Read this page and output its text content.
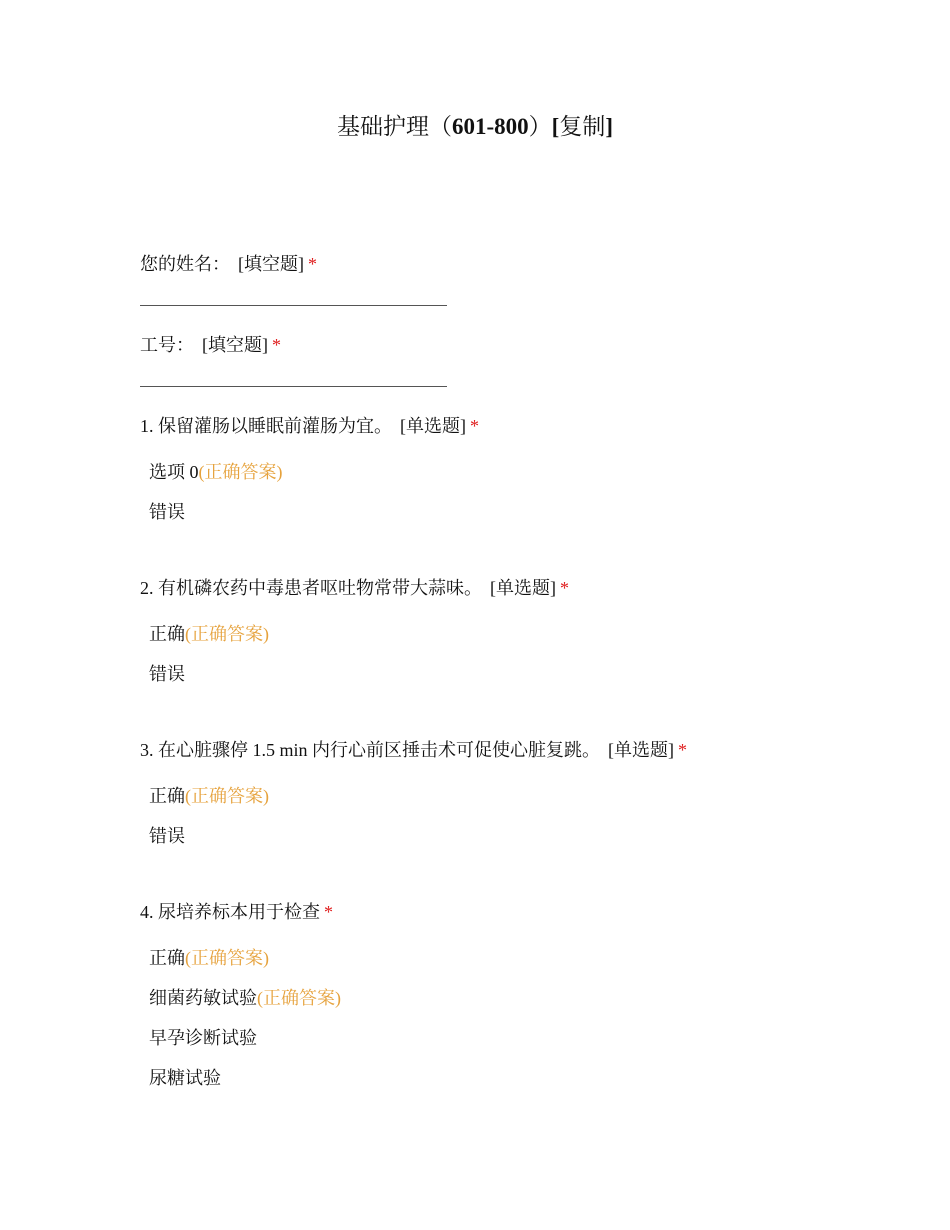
基础护理（601-800）[复制]
您的姓名： [填空题] *
工号： [填空题] *
1. 保留灌肠以睡眠前灌肠为宜。 [单选题] *
选项 0(正确答案)
错误
2. 有机磷农药中毒患者呕吐物常带大蒜味。 [单选题] *
正确(正确答案)
错误
3. 在心脏骤停 1.5 min 内行心前区捶击术可促使心脏复跳。 [单选题] *
正确(正确答案)
错误
4. 尿培养标本用于检查 *
正确(正确答案)
细菌药敏试验(正确答案)
早孕诊断试验
尿糖试验
